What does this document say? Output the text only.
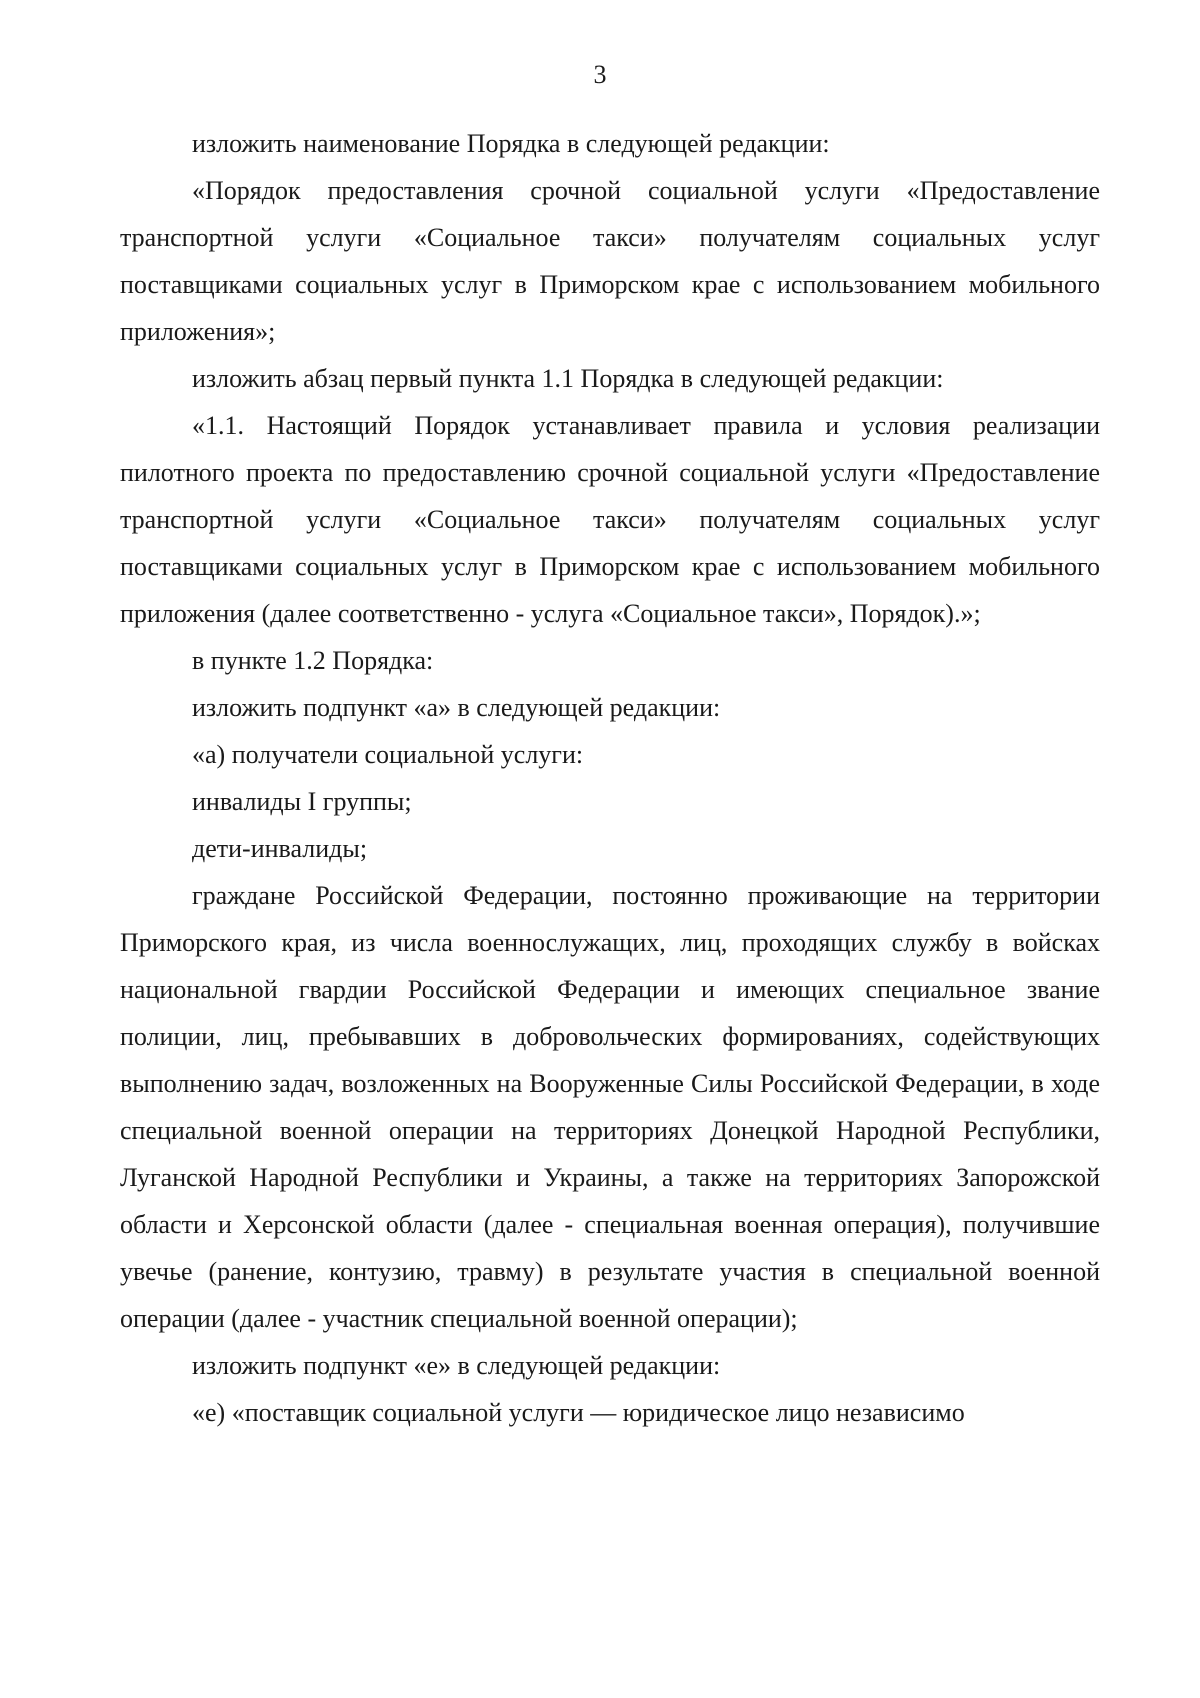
3

изложить наименование Порядка в следующей редакции:

«Порядок предоставления срочной социальной услуги «Предоставление транспортной услуги «Социальное такси» получателям социальных услуг поставщиками социальных услуг в Приморском крае с использованием мобильного приложения»;

изложить абзац первый пункта 1.1 Порядка в следующей редакции:

«1.1. Настоящий Порядок устанавливает правила и условия реализации пилотного проекта по предоставлению срочной социальной услуги «Предоставление транспортной услуги «Социальное такси» получателям социальных услуг поставщиками социальных услуг в Приморском крае с использованием мобильного приложения (далее соответственно - услуга «Социальное такси», Порядок).»;

в пункте 1.2 Порядка:

изложить подпункт «а» в следующей редакции:

«а) получатели социальной услуги:

инвалиды I группы;

дети-инвалиды;

граждане Российской Федерации, постоянно проживающие на территории Приморского края, из числа военнослужащих, лиц, проходящих службу в войсках национальной гвардии Российской Федерации и имеющих специальное звание полиции, лиц, пребывавших в добровольческих формированиях, содействующих выполнению задач, возложенных на Вооруженные Силы Российской Федерации, в ходе специальной военной операции на территориях Донецкой Народной Республики, Луганской Народной Республики и Украины, а также на территориях Запорожской области и Херсонской области (далее - специальная военная операция), получившие увечье (ранение, контузию, травму) в результате участия в специальной военной операции (далее - участник специальной военной операции);

изложить подпункт «е» в следующей редакции:

«е) «поставщик социальной услуги — юридическое лицо независимо
